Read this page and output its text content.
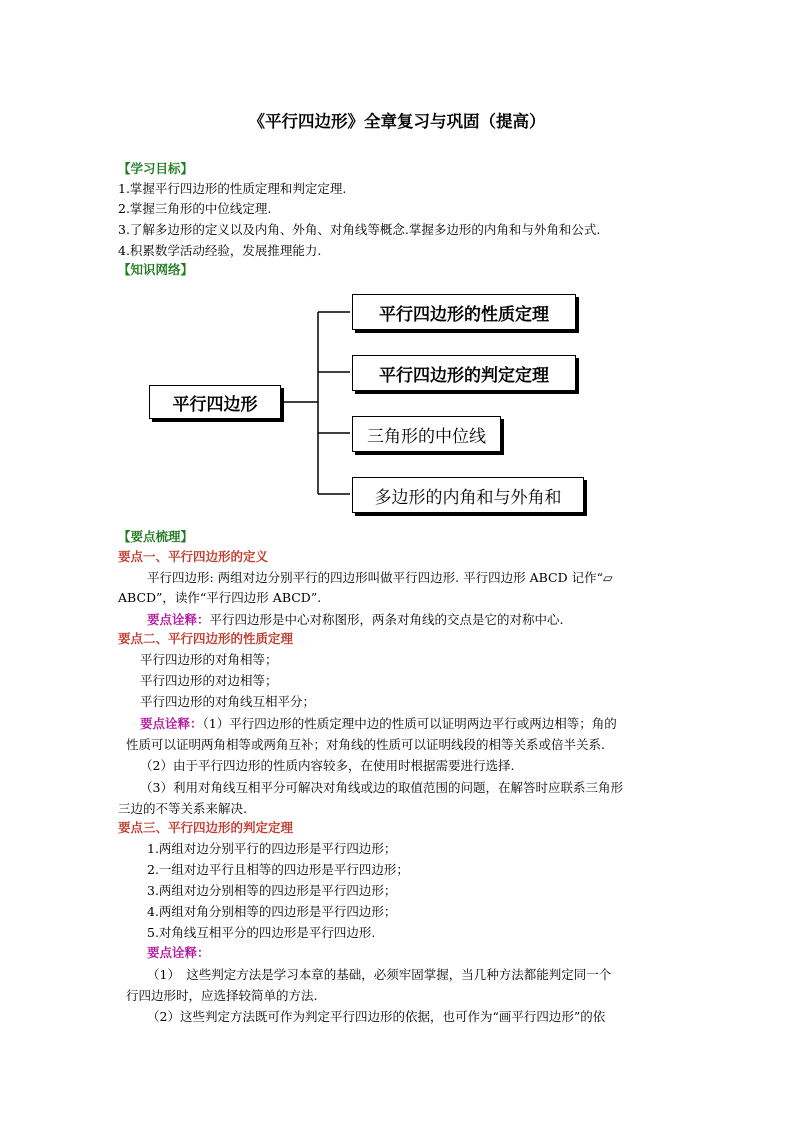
《平行四边形》全章复习与巩固（提高）
【学习目标】
1.掌握平行四边形的性质定理和判定定理.
2.掌握三角形的中位线定理.
3.了解多边形的定义以及内角、外角、对角线等概念.掌握多边形的内角和与外角和公式.
4.积累数学活动经验，发展推理能力.
【知识网络】
平行四边形
平行四边形的性质定理
平行四边形的判定定理
三角形的中位线
多边形的内角和与外角和
【要点梳理】
要点一、平行四边形的定义
平行四边形: 两组对边分别平行的四边形叫做平行四边形. 平行四边形 ABCD 记作“▱
ABCD”，读作“平行四边形 ABCD”.
要点诠释：平行四边形是中心对称图形，两条对角线的交点是它的对称中心.
要点二、平行四边形的性质定理
平行四边形的对角相等；
平行四边形的对边相等；
平行四边形的对角线互相平分；
要点诠释：（1）平行四边形的性质定理中边的性质可以证明两边平行或两边相等；角的
性质可以证明两角相等或两角互补；对角线的性质可以证明线段的相等关系或倍半关系.
（2）由于平行四边形的性质内容较多，在使用时根据需要进行选择.
（3）利用对角线互相平分可解决对角线或边的取值范围的问题，在解答时应联系三角形
三边的不等关系来解决.
要点三、平行四边形的判定定理
1.两组对边分别平行的四边形是平行四边形；
2.一组对边平行且相等的四边形是平行四边形；
3.两组对边分别相等的四边形是平行四边形；
4.两组对角分别相等的四边形是平行四边形；
5.对角线互相平分的四边形是平行四边形.
要点诠释：
（1）　这些判定方法是学习本章的基础，必须牢固掌握，当几种方法都能判定同一个
行四边形时，应选择较简单的方法.
（2）这些判定方法既可作为判定平行四边形的依据，也可作为“画平行四边形”的依
